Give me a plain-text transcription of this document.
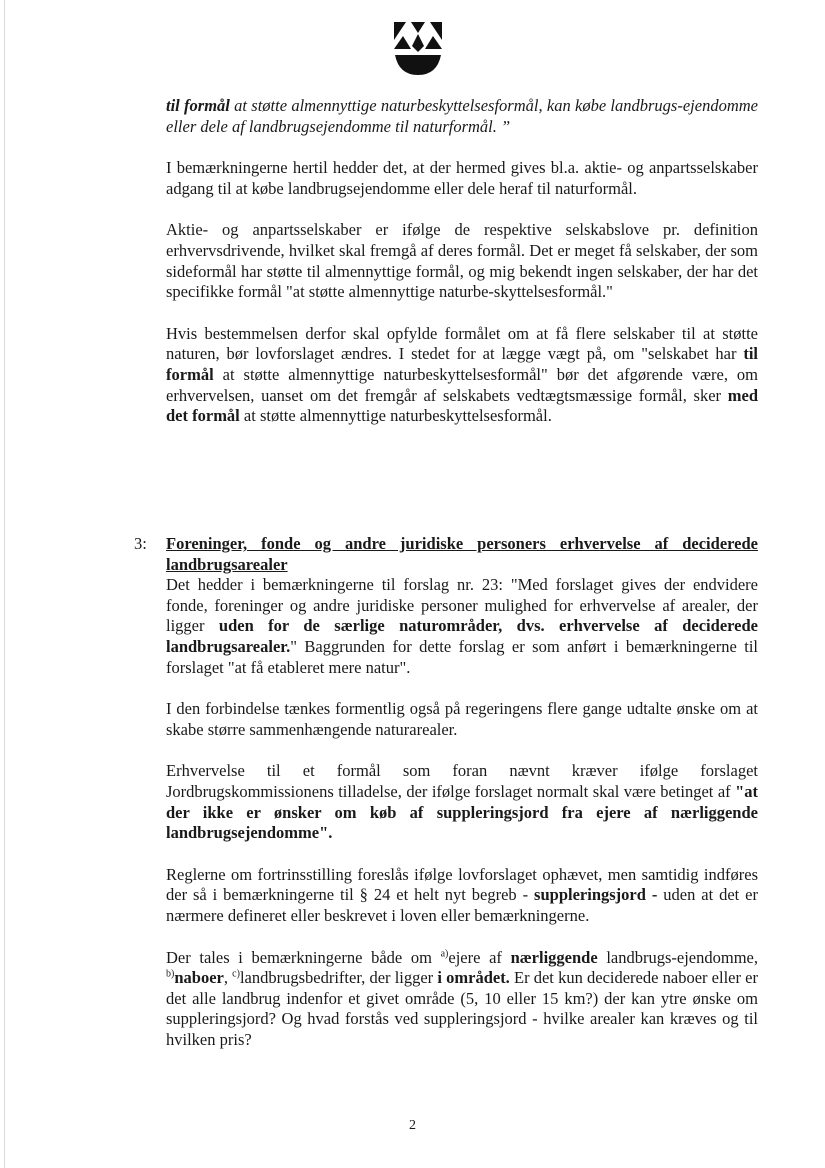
til formål at støtte almennyttige naturbeskyttelsesformål, kan købe landbrugs-ejendomme eller dele af landbrugsejendomme til naturformål. ”

I bemærkningerne hertil hedder det, at der hermed gives bl.a. aktie- og anpartsselskaber adgang til at købe landbrugsejendomme eller dele heraf til naturformål.

Aktie- og anpartsselskaber er ifølge de respektive selskabslove pr. definition erhvervsdrivende, hvilket skal fremgå af deres formål. Det er meget få selskaber, der som sideformål har støtte til almennyttige formål, og mig bekendt ingen selskaber, der har det specifikke formål "at støtte almennyttige naturbe-skyttelsesformål."

Hvis bestemmelsen derfor skal opfylde formålet om at få flere selskaber til at støtte naturen, bør lovforslaget ændres. I stedet for at lægge vægt på, om "selskabet har til formål at støtte almennyttige naturbeskyttelsesformål" bør det afgørende være, om erhvervelsen, uanset om det fremgår af selskabets vedtægtsmæssige formål, sker med det formål at støtte almennyttige naturbeskyttelsesformål.

3: Foreninger, fonde og andre juridiske personers erhvervelse af deciderede landbrugsarealer

Det hedder i bemærkningerne til forslag nr. 23: "Med forslaget gives der endvidere fonde, foreninger og andre juridiske personer mulighed for erhvervelse af arealer, der ligger uden for de særlige naturområder, dvs. erhvervelse af deciderede landbrugsarealer." Baggrunden for dette forslag er som anført i bemærkningerne til forslaget "at få etableret mere natur".

I den forbindelse tænkes formentlig også på regeringens flere gange udtalte ønske om at skabe større sammenhængende naturarealer.

Erhvervelse til et formål som foran nævnt kræver ifølge forslaget Jordbrugskommissionens tilladelse, der ifølge forslaget normalt skal være betinget af "at der ikke er ønsker om køb af suppleringsjord fra ejere af nærliggende landbrugsejendomme".

Reglerne om fortrinsstilling foreslås ifølge lovforslaget ophævet, men samtidig indføres der så i bemærkningerne til § 24 et helt nyt begreb - suppleringsjord - uden at det er nærmere defineret eller beskrevet i loven eller bemærkningerne.

Der tales i bemærkningerne både om $^{a)}$ejere af nærliggende landbrugs-ejendomme, $^{b)}$naboer, $^{c)}$landbrugsbedrifter, der ligger i området. Er det kun deciderede naboer eller er det alle landbrug indenfor et givet område (5, 10 eller 15 km?) der kan ytre ønske om suppleringsjord? Og hvad forstås ved suppleringsjord - hvilke arealer kan kræves og til hvilken pris?

2
